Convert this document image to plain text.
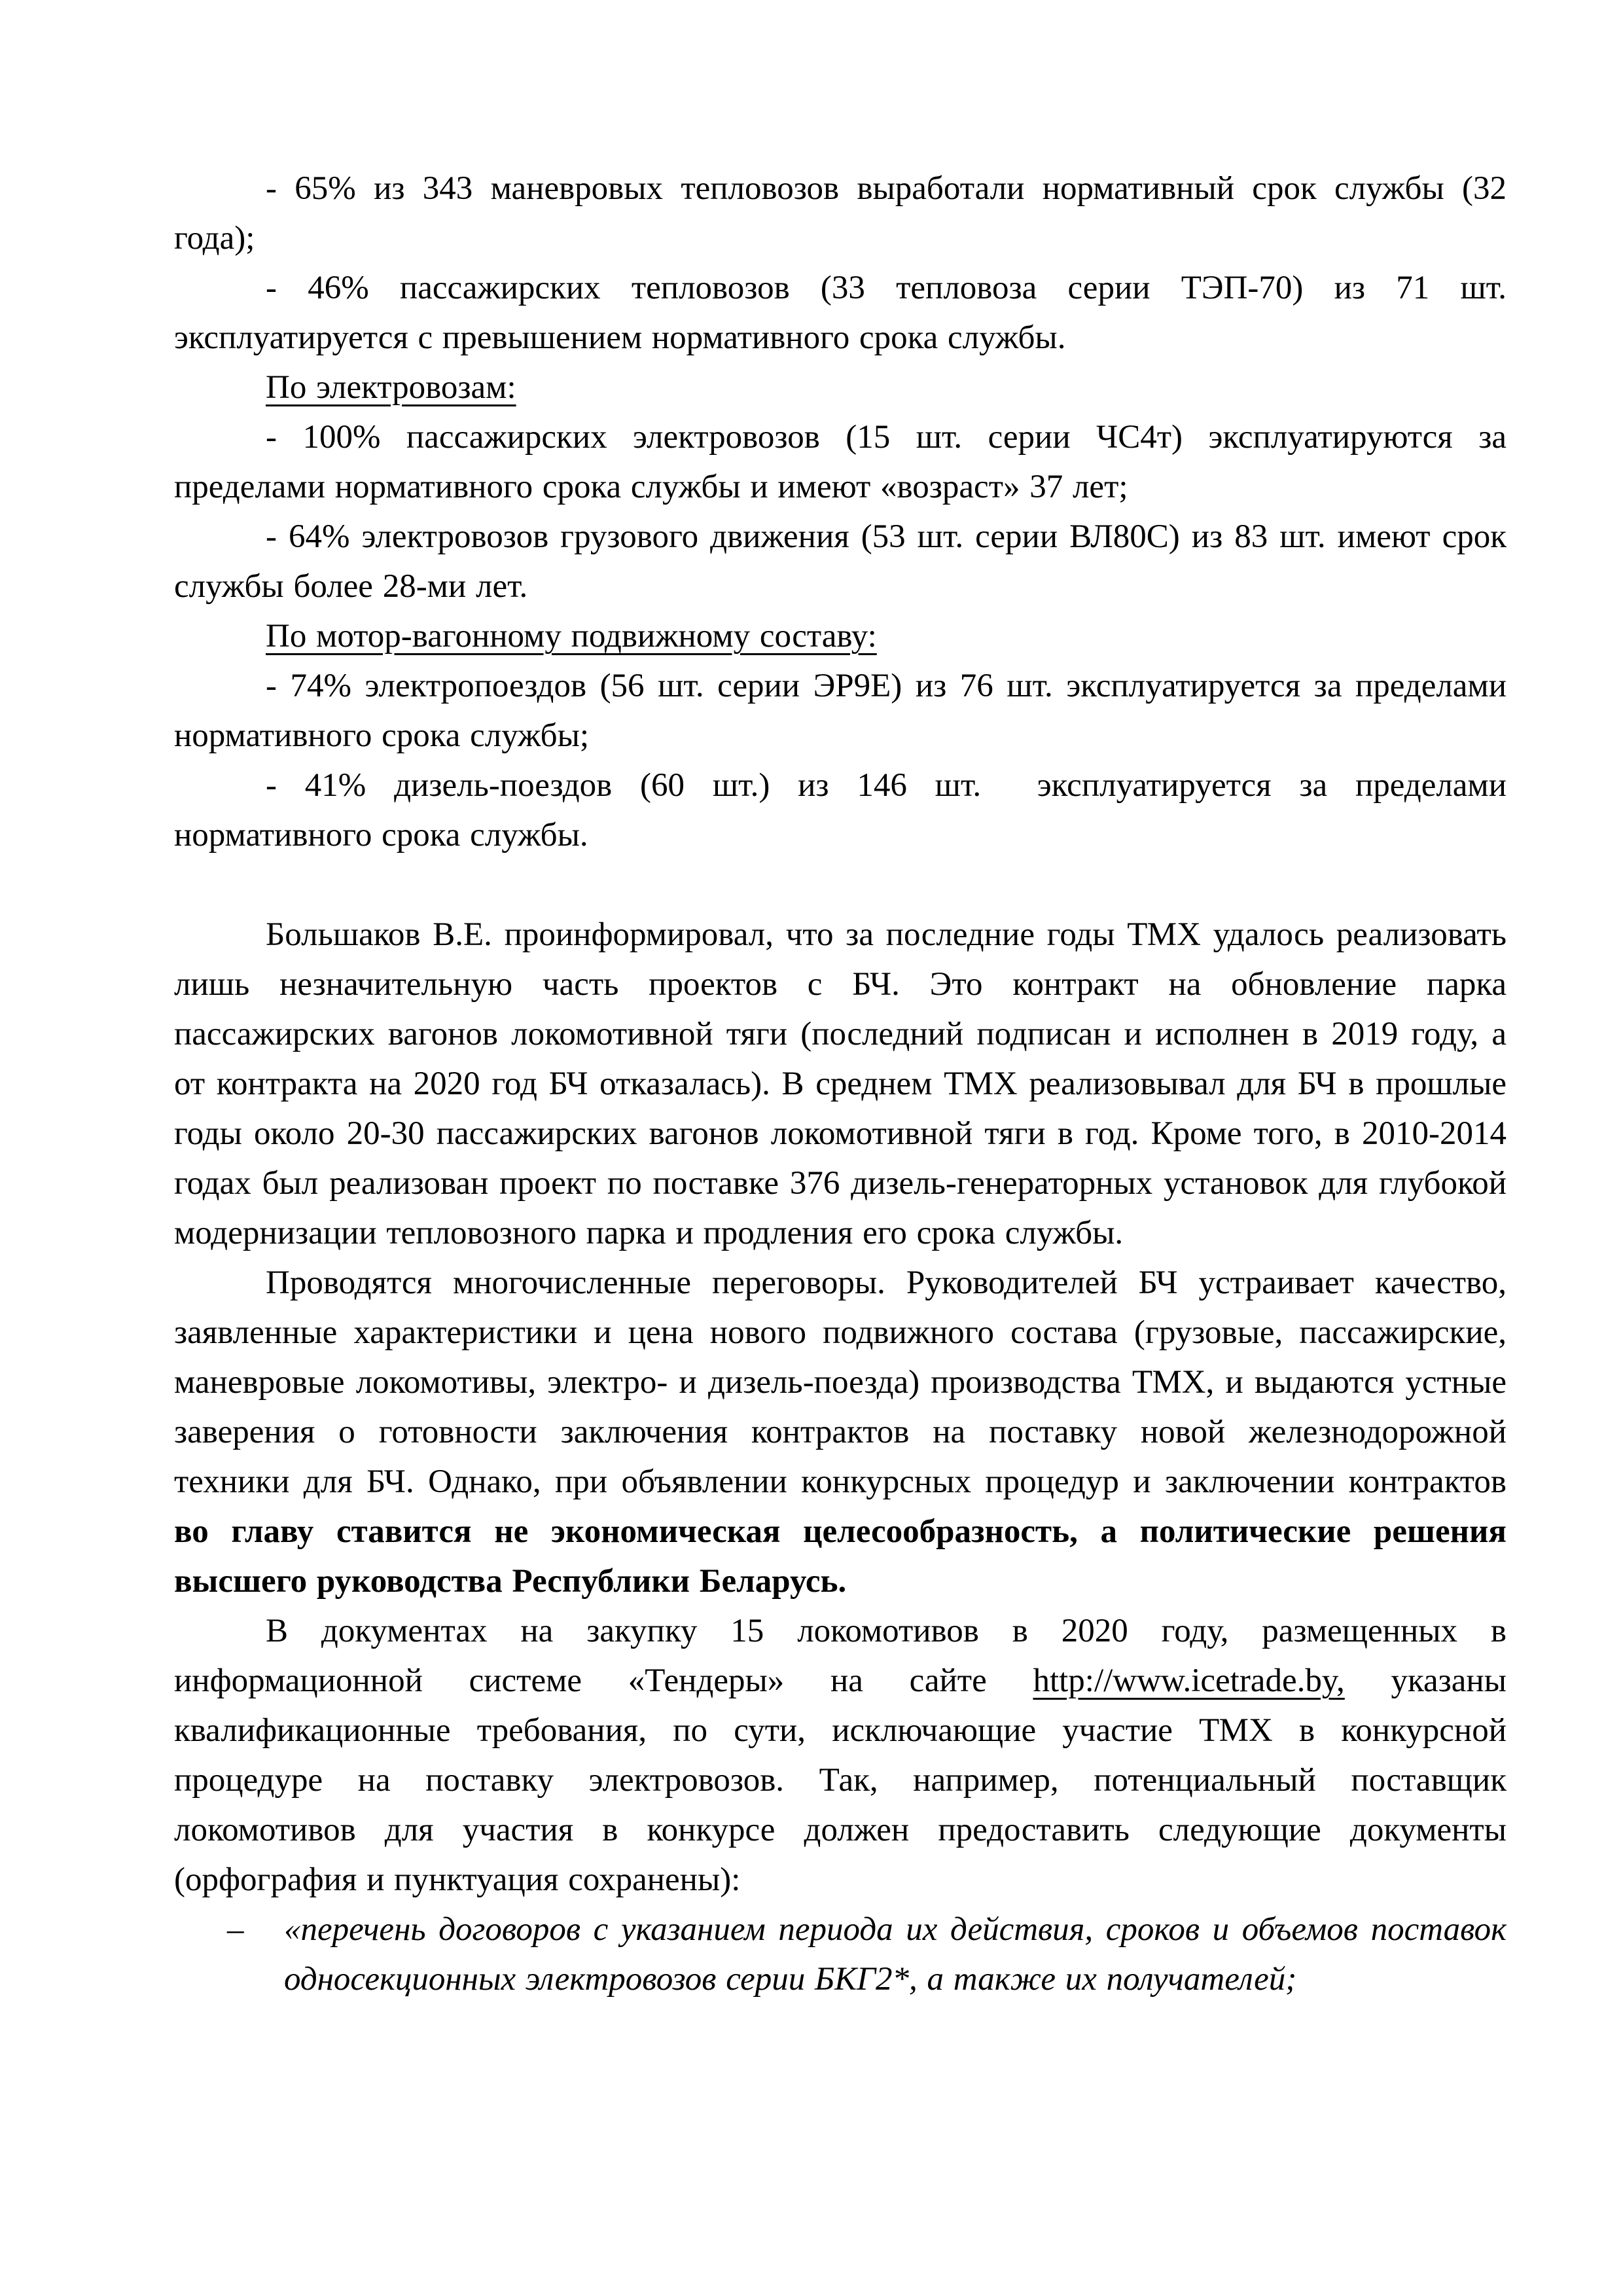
- 65% из 343 маневровых тепловозов выработали нормативный срок службы (32 года);

- 46% пассажирских тепловозов (33 тепловоза серии ТЭП-70) из 71 шт. эксплуатируется с превышением нормативного срока службы.

По электровозам:

- 100% пассажирских электровозов (15 шт. серии ЧС4т) эксплуатируются за пределами нормативного срока службы и имеют «возраст» 37 лет;

- 64% электровозов грузового движения (53 шт. серии ВЛ80С) из 83 шт. имеют срок службы более 28-ми лет.

По мотор-вагонному подвижному составу:

- 74% электропоездов (56 шт. серии ЭР9Е) из 76 шт. эксплуатируется за пределами нормативного срока службы;

- 41% дизель-поездов (60 шт.) из 146 шт.  эксплуатируется за пределами нормативного срока службы.

Большаков В.Е. проинформировал, что за последние годы ТМХ удалось реализовать лишь незначительную часть проектов с БЧ. Это контракт на обновление парка пассажирских вагонов локомотивной тяги (последний подписан и исполнен в 2019 году, а от контракта на 2020 год БЧ отказалась). В среднем ТМХ реализовывал для БЧ в прошлые годы около 20-30 пассажирских вагонов локомотивной тяги в год. Кроме того, в 2010-2014 годах был реализован проект по поставке 376 дизель-генераторных установок для глубокой модернизации тепловозного парка и продления его срока службы.

Проводятся многочисленные переговоры. Руководителей БЧ устраивает качество, заявленные характеристики и цена нового подвижного состава (грузовые, пассажирские, маневровые локомотивы, электро- и дизель-поезда) производства ТМХ, и выдаются устные заверения о готовности заключения контрактов на поставку новой железнодорожной техники для БЧ. Однако, при объявлении конкурсных процедур и заключении контрактов во главу ставится не экономическая целесообразность, а политические решения высшего руководства Республики Беларусь.

В документах на закупку 15 локомотивов в 2020 году, размещенных в информационной системе «Тендеры» на сайте http://www.icetrade.by, указаны квалификационные требования, по сути, исключающие участие ТМХ в конкурсной процедуре на поставку электровозов. Так, например, потенциальный поставщик локомотивов для участия в конкурсе должен предоставить следующие документы (орфография и пунктуация сохранены):

– «перечень договоров с указанием периода их действия, сроков и объемов поставок односекционных электровозов серии БКГ2*, а также их получателей;
